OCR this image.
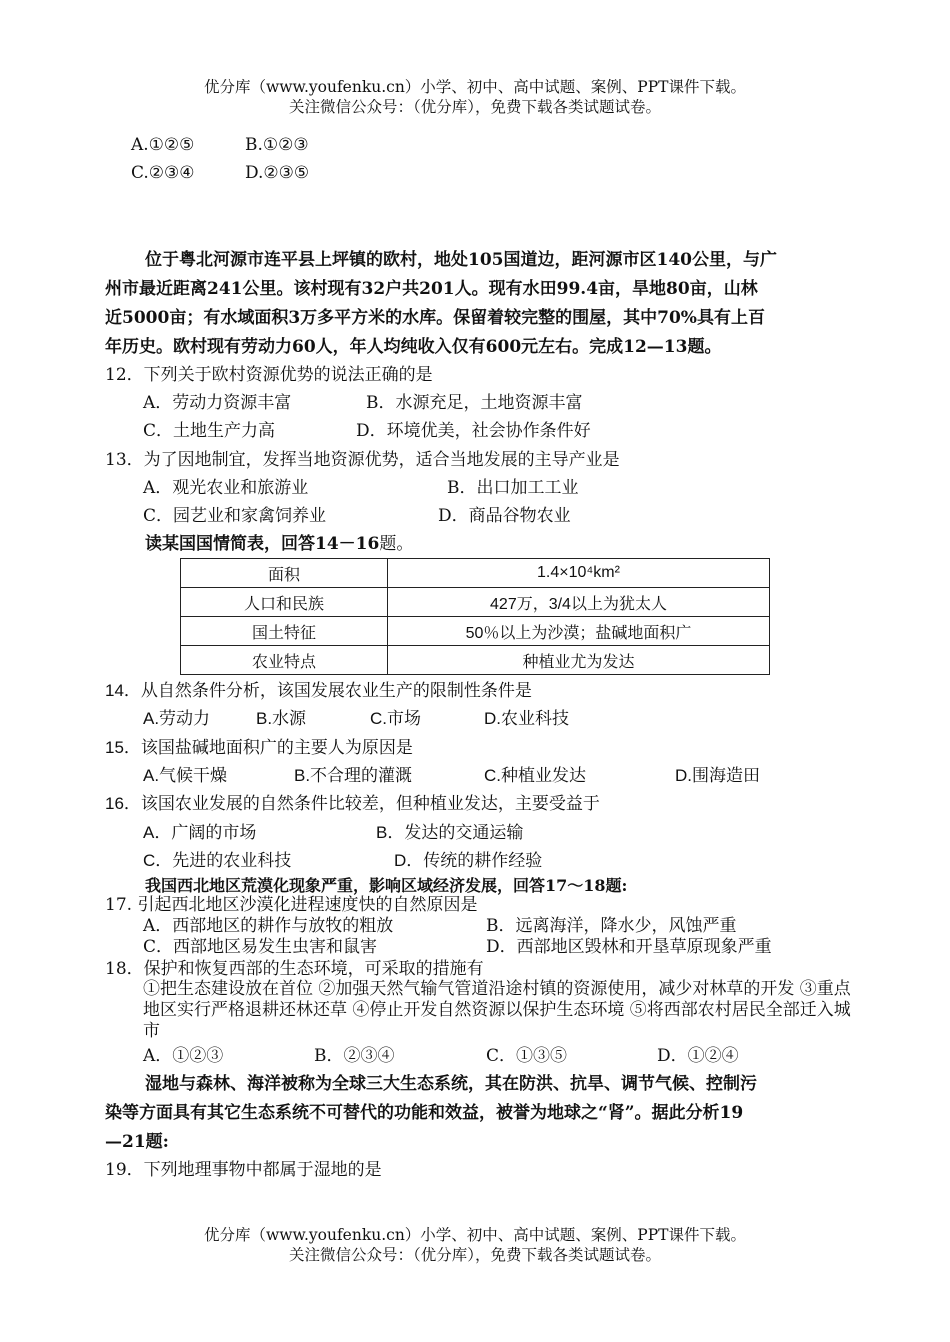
优分库（www.youfenku.cn）小学、初中、高中试题、案例、PPT课件下载。
关注微信公众号：（优分库），免费下载各类试题试卷。
A.①②⑤	B.①②③
C.②③④	D.②③⑤
位于粤北河源市连平县上坪镇的欧村，地处105国道边，距河源市区140公里，与广
州市最近距离241公里。该村现有32户共201人。现有水田99.4亩，旱地80亩，山林
近5000亩；有水域面积3万多平方米的水库。保留着较完整的围屋，其中70%具有上百
年历史。欧村现有劳动力60人，年人均纯收入仅有600元左右。完成12—13题。
12．下列关于欧村资源优势的说法正确的是
A．劳动力资源丰富	B．水源充足，土地资源丰富
C．土地生产力高	D．环境优美，社会协作条件好
13．为了因地制宜，发挥当地资源优势，适合当地发展的主导产业是
A．观光农业和旅游业	B．出口加工工业
C．园艺业和家禽饲养业	D．商品谷物农业
读某国国情简表，回答14－16题。
面积	1.4×10⁴km²
人口和民族	427万，3/4以上为犹太人
国土特征	50％以上为沙漠；盐碱地面积广
农业特点	种植业尤为发达
14．从自然条件分析，该国发展农业生产的限制性条件是
A.劳动力	B.水源	C.市场	D.农业科技
15．该国盐碱地面积广的主要人为原因是
A.气候干燥	B.不合理的灌溉	C.种植业发达	D.围海造田
16．该国农业发展的自然条件比较差，但种植业发达，主要受益于
A．广阔的市场	B．发达的交通运输
C．先进的农业科技	D．传统的耕作经验
我国西北地区荒漠化现象严重，影响区域经济发展，回答17～18题:
17. 引起西北地区沙漠化进程速度快的自然原因是
A．西部地区的耕作与放牧的粗放	B．远离海洋，降水少，风蚀严重
C．西部地区易发生虫害和鼠害	D．西部地区毁林和开垦草原现象严重
18．保护和恢复西部的生态环境，可采取的措施有
①把生态建设放在首位 ②加强天然气输气管道沿途村镇的资源使用，减少对林草的开发 ③重点地区实行严格退耕还林还草 ④停止开发自然资源以保护生态环境 ⑤将西部农村居民全部迁入城市
A．①②③	B．②③④	C．①③⑤	D．①②④
湿地与森林、海洋被称为全球三大生态系统，其在防洪、抗旱、调节气候、控制污
染等方面具有其它生态系统不可替代的功能和效益，被誉为地球之“肾”。据此分析19
—21题:
19．下列地理事物中都属于湿地的是
优分库（www.youfenku.cn）小学、初中、高中试题、案例、PPT课件下载。
关注微信公众号：（优分库），免费下载各类试题试卷。
